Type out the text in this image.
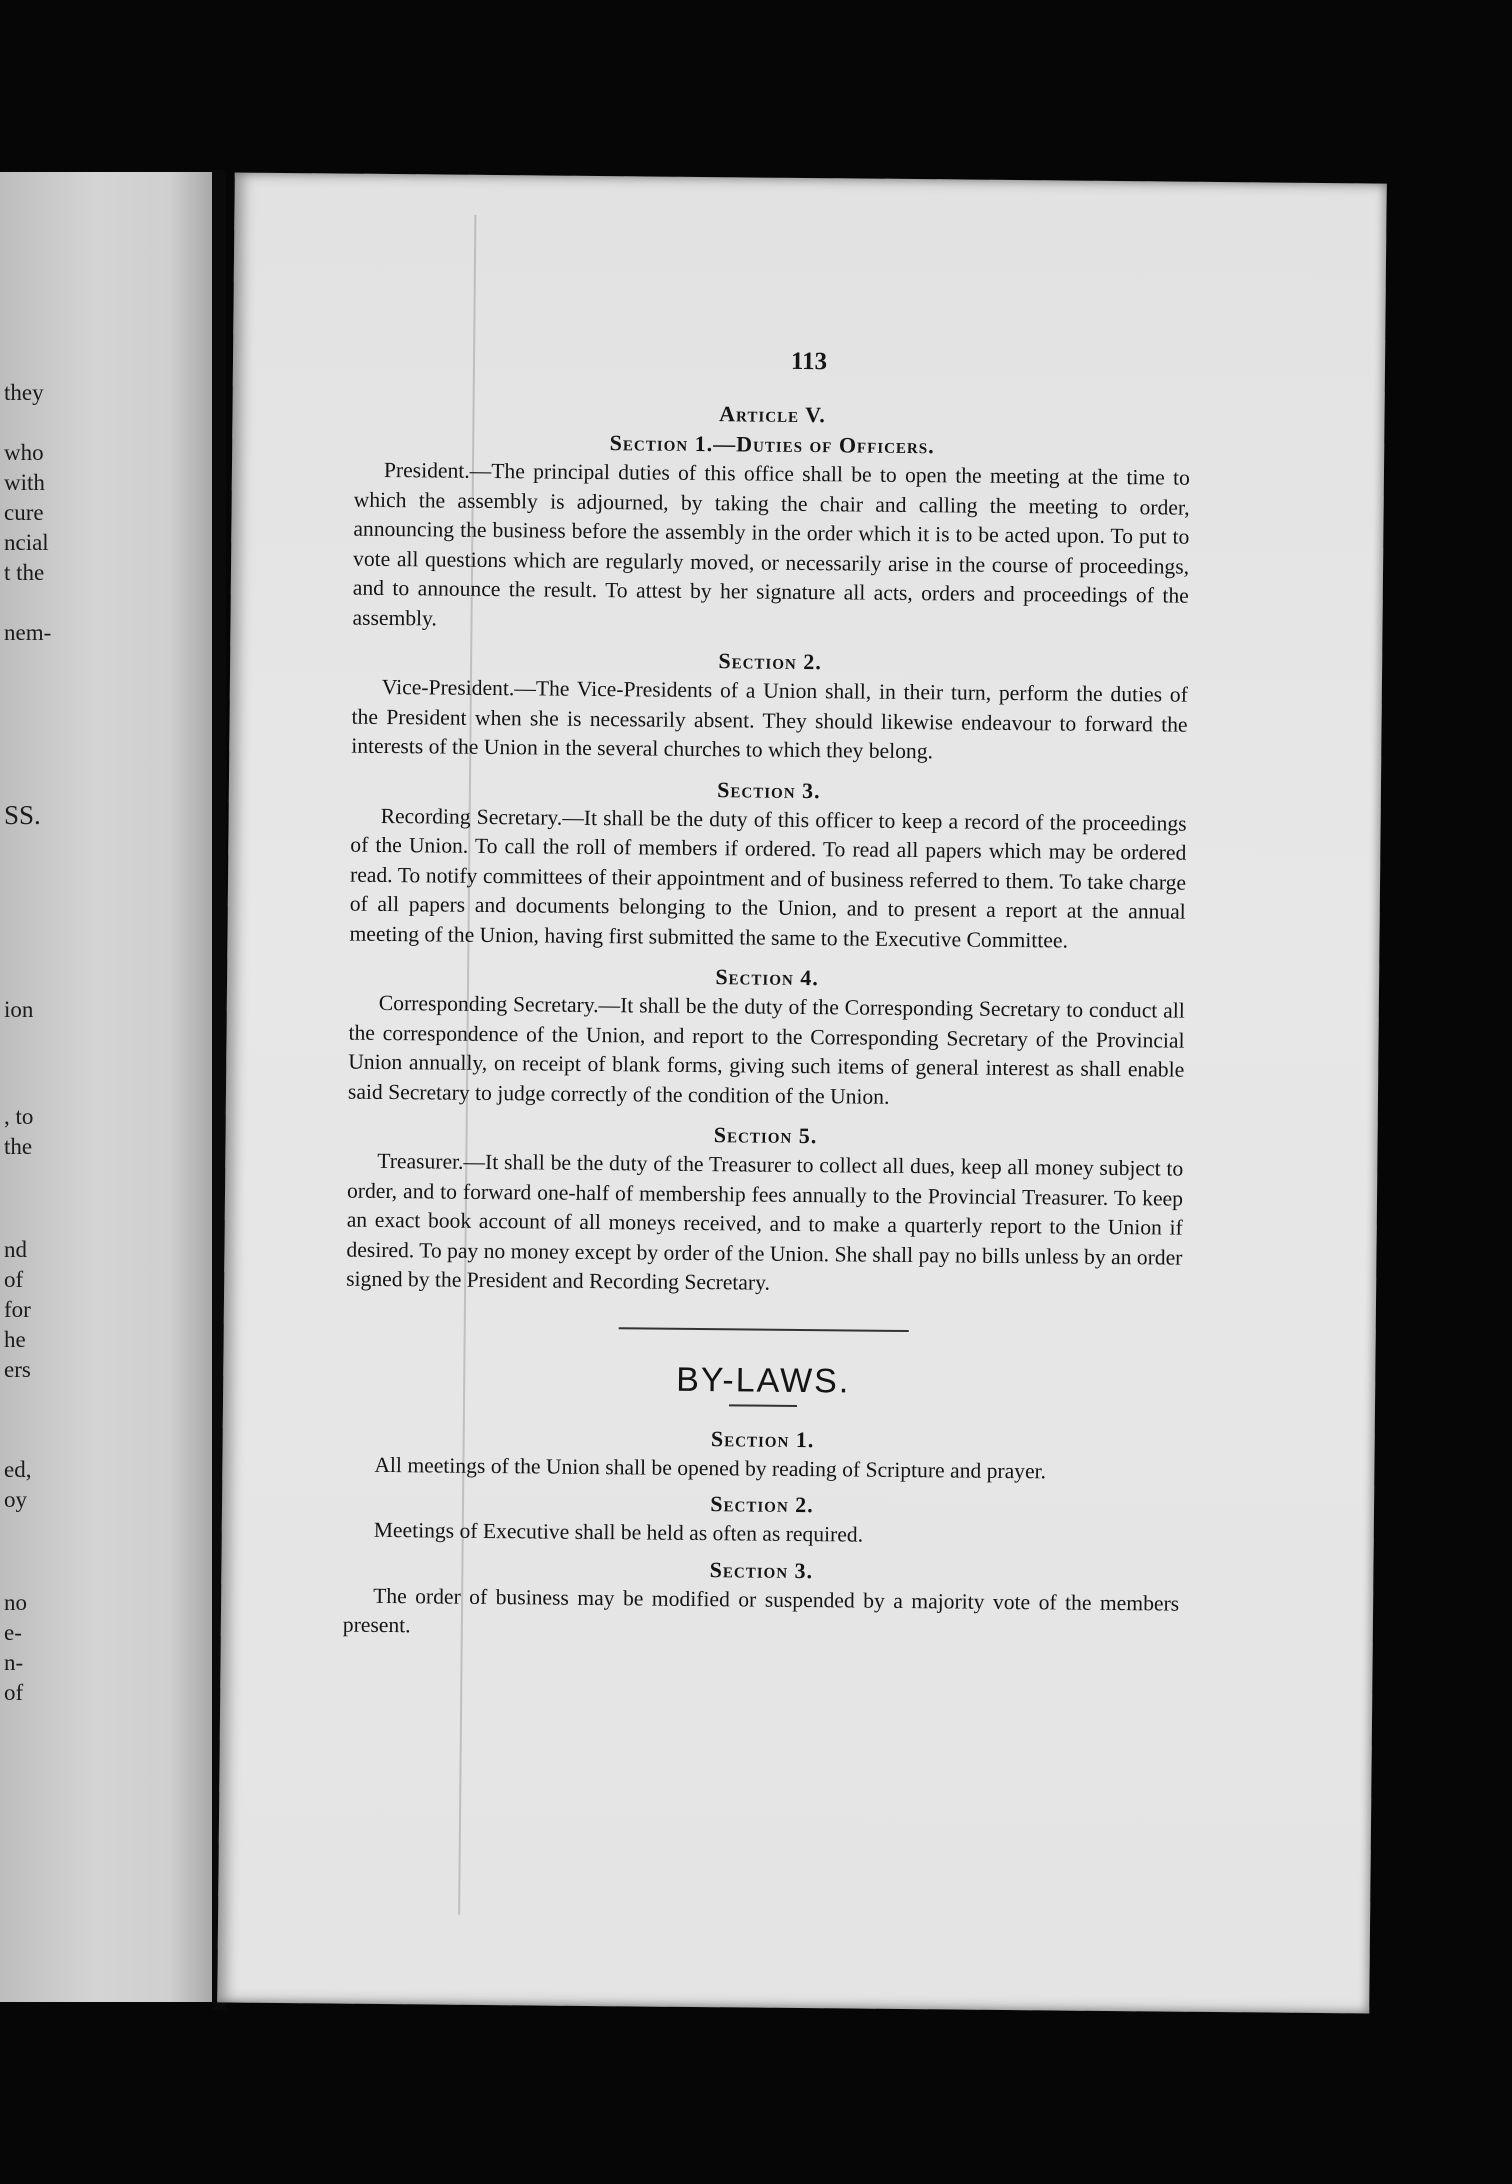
they
who
with
cure
ncial
t the
nem-
SS.
ion
, to
the
nd
of
for
he
ers
ed,
oy
no
e-
n-
of
113

Article V.

Section 1.—Duties of Officers.

President.—The principal duties of this office shall be to open the meeting at the time to which the assembly is adjourned, by taking the chair and calling the meeting to order, announcing the business before the assembly in the order which it is to be acted upon. To put to vote all questions which are regularly moved, or necessarily arise in the course of proceedings, and to announce the result. To attest by her signature all acts, orders and proceedings of the assembly.

Section 2.

Vice-President.—The Vice-Presidents of a Union shall, in their turn, perform the duties of the President when she is necessarily absent. They should likewise endeavour to forward the interests of the Union in the several churches to which they belong.

Section 3.

Recording Secretary.—It shall be the duty of this officer to keep a record of the proceedings of the Union. To call the roll of members if ordered. To read all papers which may be ordered read. To notify committees of their appointment and of business referred to them. To take charge of all papers and documents belonging to the Union, and to present a report at the annual meeting of the Union, having first submitted the same to the Executive Committee.

Section 4.

Corresponding Secretary.—It shall be the duty of the Corresponding Secretary to conduct all the correspondence of the Union, and report to the Corresponding Secretary of the Provincial Union annually, on receipt of blank forms, giving such items of general interest as shall enable said Secretary to judge correctly of the condition of the Union.

Section 5.

Treasurer.—It shall be the duty of the Treasurer to collect all dues, keep all money subject to order, and to forward one-half of membership fees annually to the Provincial Treasurer. To keep an exact book account of all moneys received, and to make a quarterly report to the Union if desired. To pay no money except by order of the Union. She shall pay no bills unless by an order signed by the President and Recording Secretary.

BY-LAWS.

Section 1.

All meetings of the Union shall be opened by reading of Scripture and prayer.

Section 2.

Meetings of Executive shall be held as often as required.

Section 3.

The order of business may be modified or suspended by a majority vote of the members present.
